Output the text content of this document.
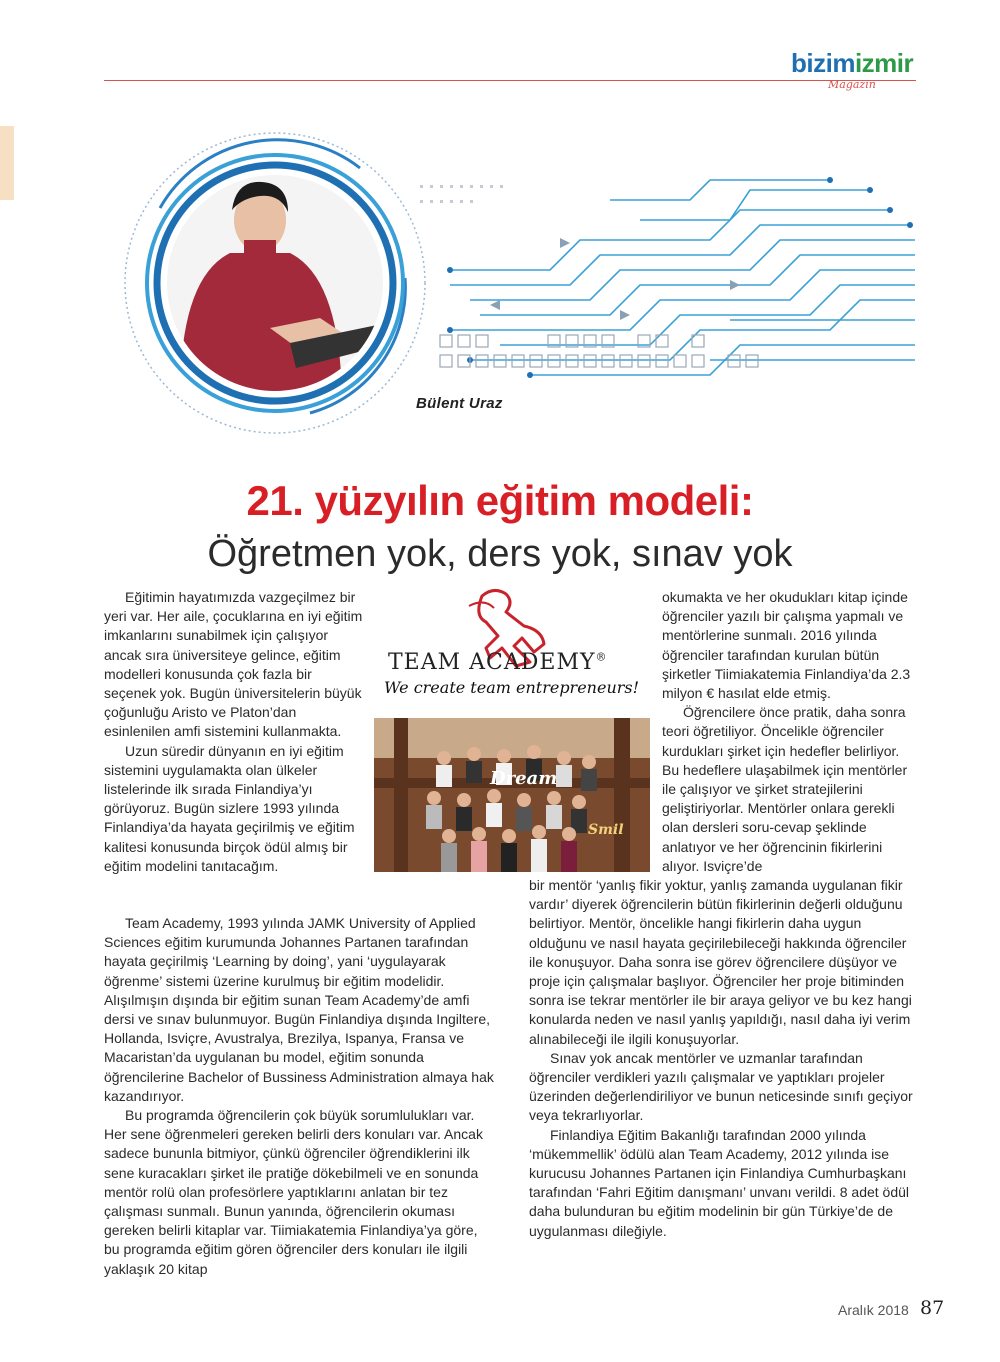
bizimizmir
Magazin
Bülent Uraz
21. yüzyılın eğitim modeli:
Öğretmen yok, ders yok, sınav yok

Eğitimin hayatımızda vazgeçilmez bir yeri var. Her aile, çocuklarına en iyi eğitim imkanlarını sunabilmek için çalışıyor ancak sıra üniversiteye gelince, eğitim modelleri konusunda çok fazla bir seçenek yok. Bugün üniversitelerin büyük çoğunluğu Aristo ve Platon’dan esinlenilen amfi sistemini kullanmakta.

Uzun süredir dünyanın en iyi eğitim sistemini uygulamakta olan ülkeler listelerinde ilk sırada Finlandiya’yı görüyoruz. Bugün sizlere 1993 yılında Finlandiya’da hayata geçirilmiş ve eğitim kalitesi konusunda birçok ödül almış bir eğitim modelini tanıtacağım.

TEAM ACADEMY®
We create team entrepreneurs!
Dream
Smil

Team Academy, 1993 yılında JAMK University of Applied Sciences eğitim kurumunda Johannes Partanen tarafından hayata geçirilmiş ‘Learning by doing’, yani ‘uygulayarak öğrenme’ sistemi üzerine kurulmuş bir eğitim modelidir. Alışılmışın dışında bir eğitim sunan Team Academy’de amfi dersi ve sınav bulunmuyor. Bugün Finlandiya dışında Ingiltere, Hollanda, Isviçre, Avustralya, Brezilya, Ispanya, Fransa ve Macaristan’da uygulanan bu model, eğitim sonunda öğrencilerine Bachelor of Bussiness Administration almaya hak kazandırıyor.

Bu programda öğrencilerin çok büyük sorumlulukları var. Her sene öğrenmeleri gereken belirli ders konuları var. Ancak sadece bununla bitmiyor, çünkü öğrenciler öğrendiklerini ilk sene kuracakları şirket ile pratiğe dökebilmeli ve en sonunda mentör rolü olan profesörlere yaptıklarını anlatan bir tez çalışması sunmalı. Bunun yanında, öğrencilerin okuması gereken belirli kitaplar var. Tiimiakatemia Finlandiya’ya göre, bu programda eğitim gören öğrenciler ders konuları ile ilgili yaklaşık 20 kitap

okumakta ve her okudukları kitap içinde öğrenciler yazılı bir çalışma yapmalı ve mentörlerine sunmalı. 2016 yılında öğrenciler tarafından kurulan bütün şirketler Tiimiakatemia Finlandiya’da 2.3 milyon € hasılat elde etmiş.

Öğrencilere önce pratik, daha sonra teori öğretiliyor. Öncelikle öğrenciler kurdukları şirket için hedefler belirliyor. Bu hedeflere ulaşabilmek için mentörler ile çalışıyor ve şirket stratejilerini geliştiriyorlar. Mentörler onlara gerekli olan dersleri soru-cevap şeklinde anlatıyor ve her öğrencinin fikirlerini alıyor. Isviçre’de

bir mentör ‘yanlış fikir yoktur, yanlış zamanda uygulanan fikir vardır’ diyerek öğrencilerin bütün fikirlerinin değerli olduğunu belirtiyor. Mentör, öncelikle hangi fikirlerin daha uygun olduğunu ve nasıl hayata geçirilebileceği hakkında öğrenciler ile konuşuyor. Daha sonra ise görev öğrencilere düşüyor ve proje için çalışmalar başlıyor. Öğrenciler her proje bitiminden sonra ise tekrar mentörler ile bir araya geliyor ve bu kez hangi konularda neden ve nasıl yanlış yapıldığı, nasıl daha iyi verim alınabileceği ile ilgili konuşuyorlar.

Sınav yok ancak mentörler ve uzmanlar tarafından öğrenciler verdikleri yazılı çalışmalar ve yaptıkları projeler üzerinden değerlendiriliyor ve bunun neticesinde sınıfı geçiyor veya tekrarlıyorlar.

Finlandiya Eğitim Bakanlığı tarafından 2000 yılında ‘mükemmellik’ ödülü alan Team Academy, 2012 yılında ise kurucusu Johannes Partanen için Finlandiya Cumhurbaşkanı tarafından ‘Fahri Eğitim danışmanı’ unvanı verildi. 8 adet ödül daha bulunduran bu eğitim modelinin bir gün Türkiye’de de uygulanması dileğiyle.

Aralık 2018 87
